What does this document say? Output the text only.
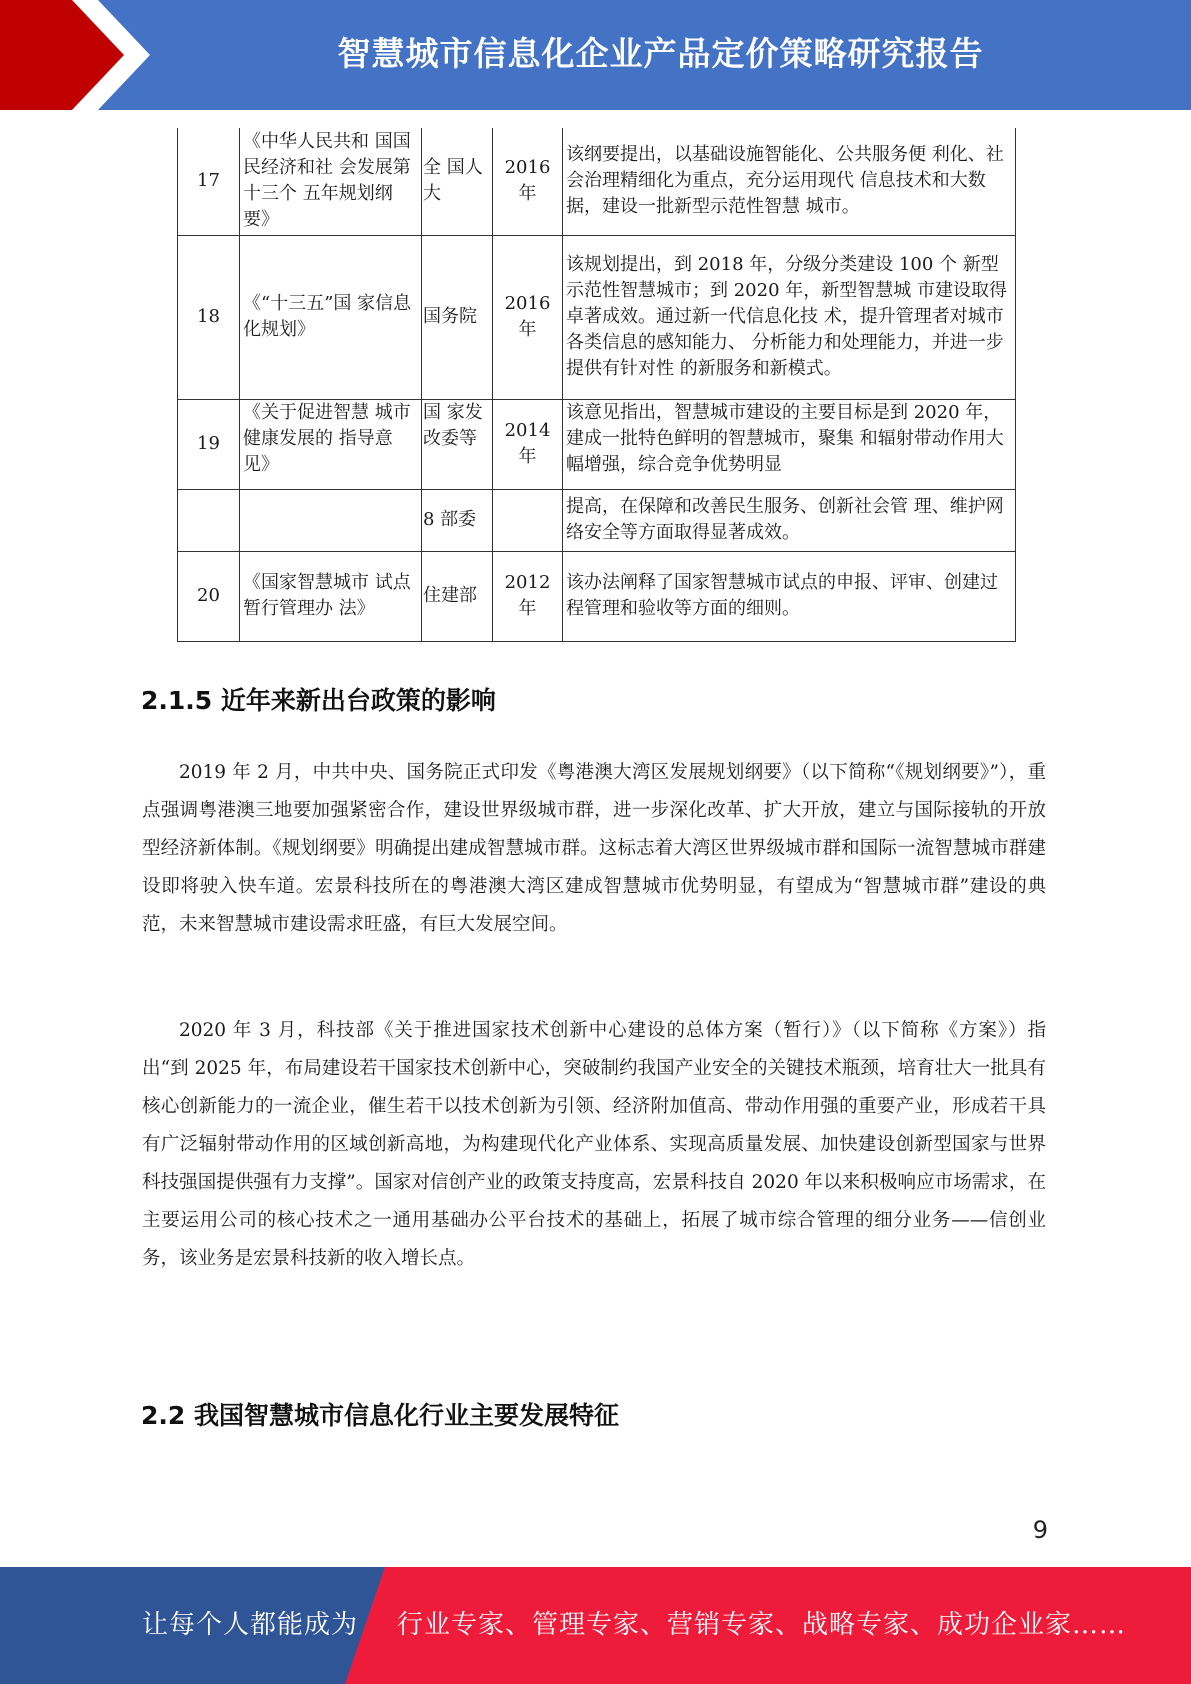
智慧城市信息化企业产品定价策略研究报告
17	《中华人民共和 国国民经济和社 会发展第十三个 五年规划纲要》	全 国人大	2016年	该纲要提出，以基础设施智能化、公共服务便 利化、社会治理精细化为重点，充分运用现代 信息技术和大数据，建设一批新型示范性智慧 城市。
18	《“十三五”国 家信息化规划》	国务院	2016年	该规划提出，到 2018 年，分级分类建设 100 个 新型示范性智慧城市；到 2020 年，新型智慧城 市建设取得卓著成效。通过新一代信息化技 术，提升管理者对城市各类信息的感知能力、 分析能力和处理能力，并进一步提供有针对性 的新服务和新模式。
19	《关于促进智慧 城市健康发展的 指导意见》	国 家发 改委等	2014年	该意见指出，智慧城市建设的主要目标是到 2020 年，建成一批特色鲜明的智慧城市，聚集 和辐射带动作用大幅增强，综合竞争优势明显
		8 部委		提高，在保障和改善民生服务、创新社会管 理、维护网络安全等方面取得显著成效。
20	《国家智慧城市 试点暂行管理办 法》	住建部	2012年	该办法阐释了国家智慧城市试点的申报、评审、创建过程管理和验收等方面的细则。
2.1.5 近年来新出台政策的影响

2019 年 2 月，中共中央、国务院正式印发《粤港澳大湾区发展规划纲要》（以下简称“《规划纲要》”），重点强调粤港澳三地要加强紧密合作，建设世界级城市群，进一步深化改革、扩大开放，建立与国际接轨的开放型经济新体制。《规划纲要》明确提出建成智慧城市群。这标志着大湾区世界级城市群和国际一流智慧城市群建设即将驶入快车道。宏景科技所在的粤港澳大湾区建成智慧城市优势明显，有望成为“智慧城市群”建设的典范，未来智慧城市建设需求旺盛，有巨大发展空间。

2020 年 3 月，科技部《关于推进国家技术创新中心建设的总体方案（暂行）》（以下简称《方案》）指出“到 2025 年，布局建设若干国家技术创新中心，突破制约我国产业安全的关键技术瓶颈，培育壮大一批具有核心创新能力的一流企业，催生若干以技术创新为引领、经济附加值高、带动作用强的重要产业，形成若干具有广泛辐射带动作用的区域创新高地，为构建现代化产业体系、实现高质量发展、加快建设创新型国家与世界科技强国提供强有力支撑”。国家对信创产业的政策支持度高，宏景科技自 2020 年以来积极响应市场需求，在主要运用公司的核心技术之一通用基础办公平台技术的基础上，拓展了城市综合管理的细分业务——信创业务，该业务是宏景科技新的收入增长点。

2.2 我国智慧城市信息化行业主要发展特征
9
让每个人都能成为 行业专家、管理专家、营销专家、战略专家、成功企业家……
